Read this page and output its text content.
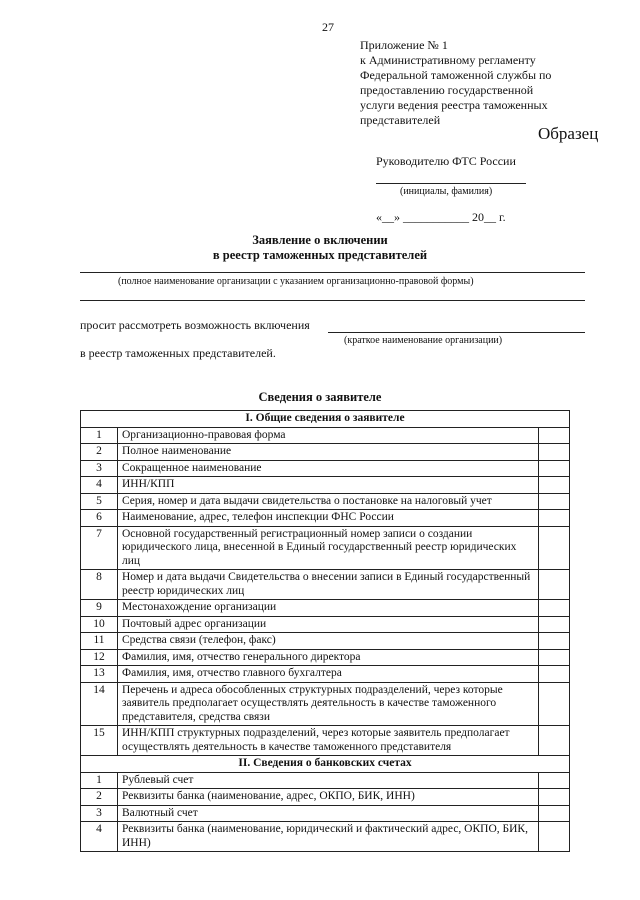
27
Приложение № 1
к Административному регламенту
Федеральной таможенной службы по
предоставлению государственной
услуги ведения реестра таможенных
представителей
Образец
Руководителю ФТС России
(инициалы, фамилия)
«__» ___________ 20__ г.
Заявление о включении
в реестр таможенных представителей
(полное наименование организации с указанием организационно-правовой формы)
просит рассмотреть возможность включения
(краткое наименование организации)
в реестр таможенных представителей.
Сведения о заявителе
I. Общие сведения о заявителе		
1	Организационно-правовая форма	
2	Полное наименование	
3	Сокращенное наименование	
4	ИНН/КПП	
5	Серия, номер и дата выдачи свидетельства о постановке на налоговый учет	
6	Наименование, адрес, телефон инспекции ФНС России	
7	Основной государственный регистрационный номер записи о создании юридического лица, внесенной в Единый государственный реестр юридических лиц	
8	Номер и дата выдачи Свидетельства о внесении записи в Единый государственный реестр юридических лиц	
9	Местонахождение организации	
10	Почтовый адрес организации	
11	Средства связи (телефон, факс)	
12	Фамилия, имя, отчество генерального директора	
13	Фамилия, имя, отчество главного бухгалтера	
14	Перечень и адреса обособленных структурных подразделений, через которые заявитель предполагает осуществлять деятельность в качестве таможенного представителя, средства связи	
15	ИНН/КПП структурных подразделений, через которые заявитель предполагает осуществлять деятельность в качестве таможенного представителя	
II. Сведения о банковских счетах		
1	Рублевый счет	
2	Реквизиты банка (наименование, адрес, ОКПО, БИК, ИНН)	
3	Валютный счет	
4	Реквизиты банка (наименование, юридический и фактический адрес, ОКПО, БИК, ИНН)	
